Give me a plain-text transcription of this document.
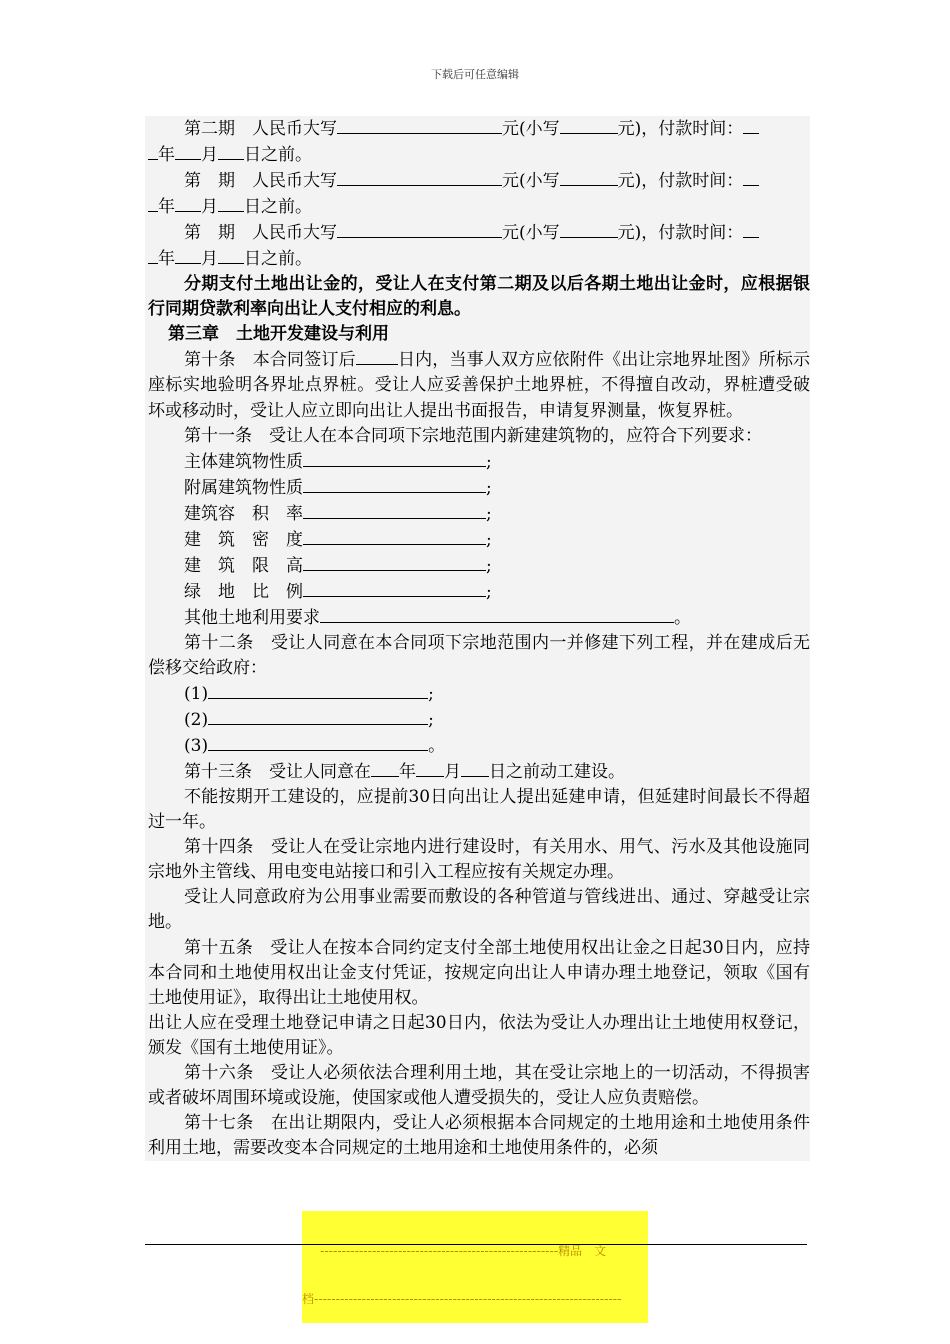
下载后可任意编辑

第二期　人民币大写	元(小写	元)，付款时间：
年 月 日之前。

第　期　人民币大写	元(小写	元)，付款时间：
年 月 日之前。

第　期　人民币大写	元(小写	元)，付款时间：
年 月 日之前。

分期支付土地出让金的，受让人在支付第二期及以后各期土地出让金时，应根据银行同期贷款利率向出让人支付相应的利息。

第三章　土地开发建设与利用

第十条　本合同签订后 日内，当事人双方应依附件《出让宗地界址图》所标示座标实地验明各界址点界桩。受让人应妥善保护土地界桩，不得擅自改动，界桩遭受破坏或移动时，受让人应立即向出让人提出书面报告，申请复界测量，恢复界桩。

第十一条　受让人在本合同项下宗地范围内新建建筑物的，应符合下列要求：

主体建筑物性质	;

附属建筑物性质	;

建筑容　积　率	;

建　筑　密　度	;

建　筑　限　高	;

绿　地　比　例	;

其他土地利用要求	。

第十二条　受让人同意在本合同项下宗地范围内一并修建下列工程，并在建成后无偿移交给政府：

(1)	;

(2)	;

(3)	。

第十三条　受让人同意在 年 月 日之前动工建设。

不能按期开工建设的，应提前30日向出让人提出延建申请，但延建时间最长不得超过一年。

第十四条　受让人在受让宗地内进行建设时，有关用水、用气、污水及其他设施同宗地外主管线、用电变电站接口和引入工程应按有关规定办理。

受让人同意政府为公用事业需要而敷设的各种管道与管线进出、通过、穿越受让宗地。

第十五条　受让人在按本合同约定支付全部土地使用权出让金之日起30日内，应持本合同和土地使用权出让金支付凭证，按规定向出让人申请办理土地登记，领取《国有土地使用证》，取得出让土地使用权。

出让人应在受理土地登记申请之日起30日内，依法为受让人办理出让土地使用权登记，颁发《国有土地使用证》。

第十六条　受让人必须依法合理利用土地，其在受让宗地上的一切活动，不得损害或者破坏周围环境或设施，使国家或他人遭受损失的，受让人应负责赔偿。

第十七条　在出让期限内，受让人必须根据本合同规定的土地用途和土地使用条件利用土地，需要改变本合同规定的土地用途和土地使用条件的，必须

-------------------------------------------------------精品　文

档-----------------------------------------------------------------------
